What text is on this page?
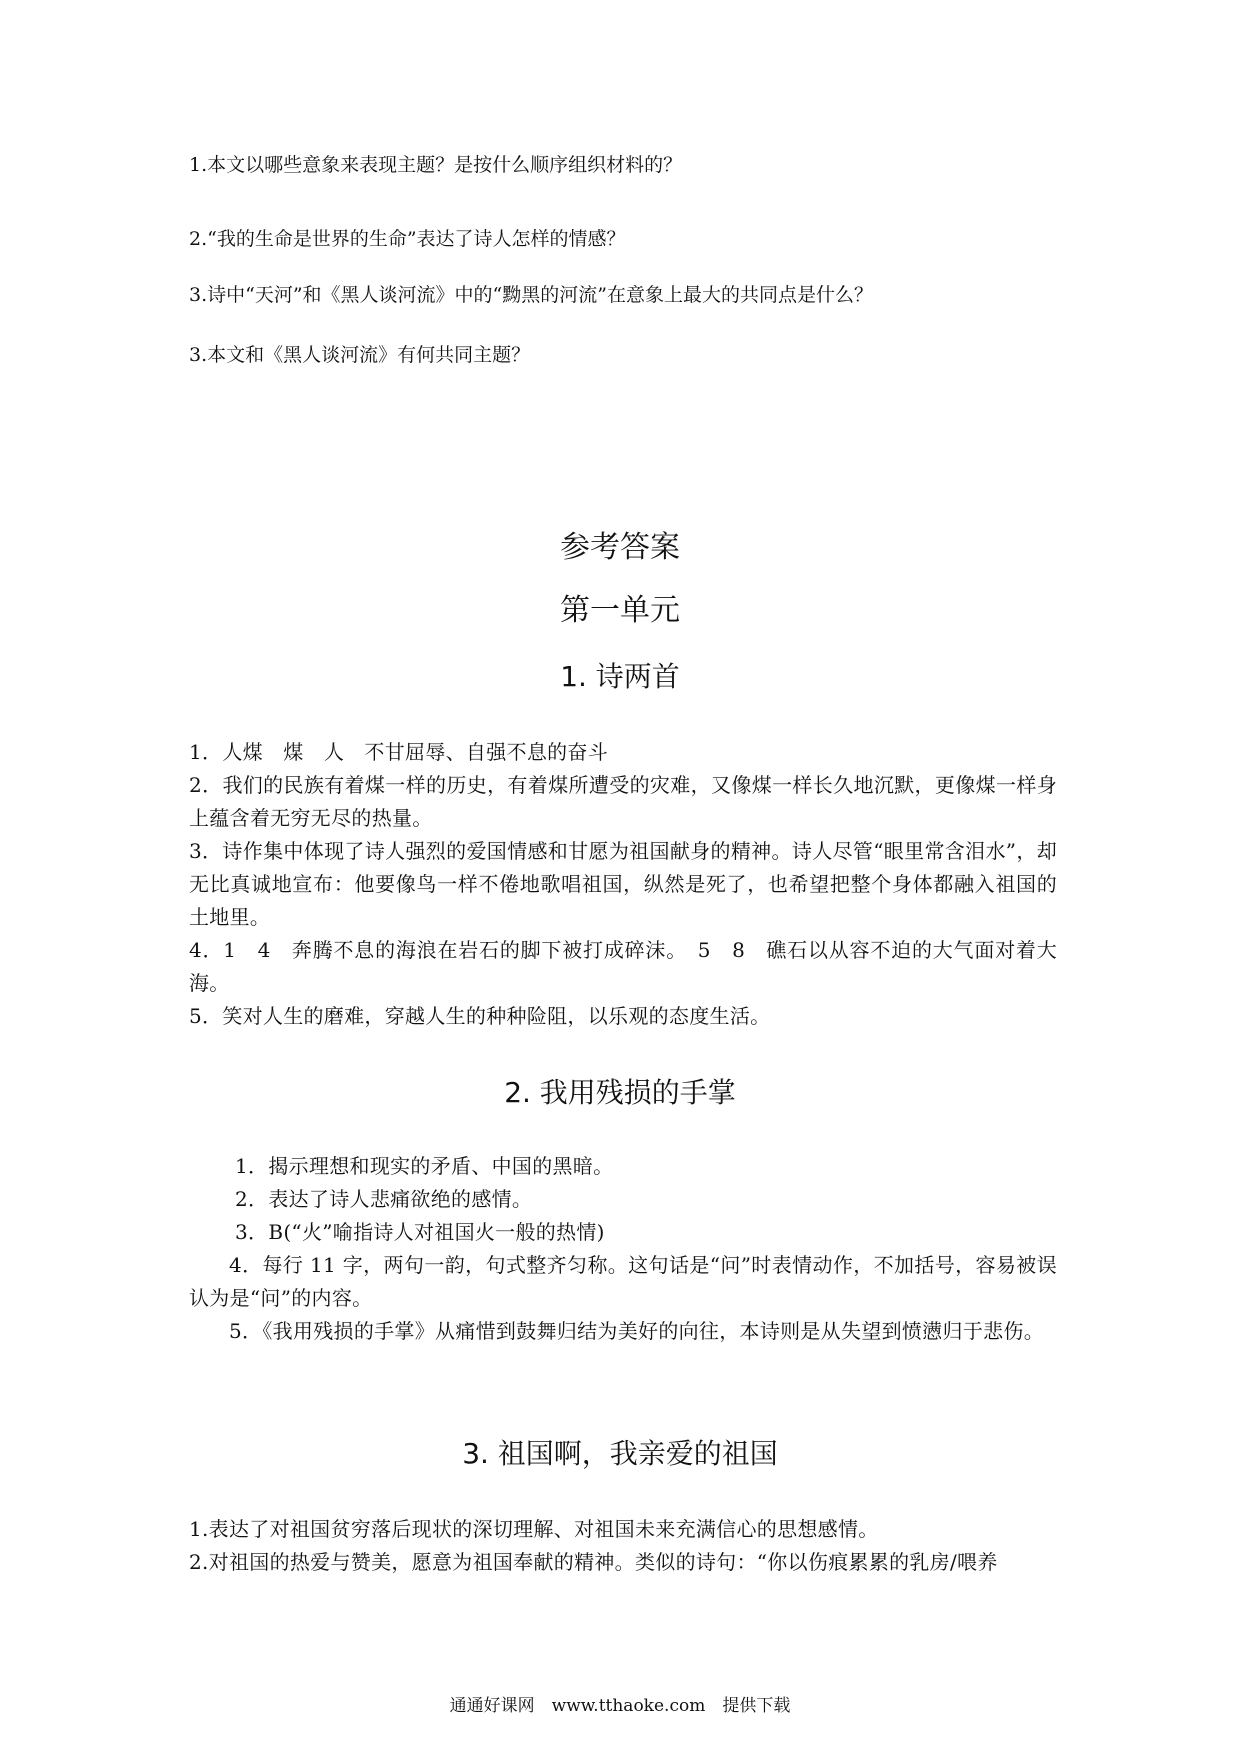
1.本文以哪些意象来表现主题？是按什么顺序组织材料的？
2.“我的生命是世界的生命”表达了诗人怎样的情感？
3.诗中“天河”和《黑人谈河流》中的“黝黑的河流”在意象上最大的共同点是什么？
3.本文和《黑人谈河流》有何共同主题？
参考答案
第一单元
1. 诗两首

1．人煤　煤　人　不甘屈辱、自强不息的奋斗

2．我们的民族有着煤一样的历史，有着煤所遭受的灾难，又像煤一样长久地沉默，更像煤一样身上蕴含着无穷无尽的热量。

3．诗作集中体现了诗人强烈的爱国情感和甘愿为祖国献身的精神。诗人尽管“眼里常含泪水”，却无比真诚地宣布：他要像鸟一样不倦地歌唱祖国，纵然是死了，也希望把整个身体都融入祖国的土地里。

4．1　4　奔腾不息的海浪在岩石的脚下被打成碎沫。　5　8　礁石以从容不迫的大气面对着大海。

5．笑对人生的磨难，穿越人生的种种险阻，以乐观的态度生活。

2. 我用残损的手掌

1．揭示理想和现实的矛盾、中国的黑暗。

2．表达了诗人悲痛欲绝的感情。

3．B(“火”喻指诗人对祖国火一般的热情)

4．每行 11 字，两句一韵，句式整齐匀称。这句话是“问”时表情动作，不加括号，容易被误认为是“问”的内容。

5．《我用残损的手掌》从痛惜到鼓舞归结为美好的向往，本诗则是从失望到愤懑归于悲伤。

3. 祖国啊，我亲爱的祖国

1.表达了对祖国贫穷落后现状的深切理解、对祖国未来充满信心的思想感情。

2.对祖国的热爱与赞美，愿意为祖国奉献的精神。类似的诗句：“你以伤痕累累的乳房/喂养

通通好课网　www.tthaoke.com　提供下载
